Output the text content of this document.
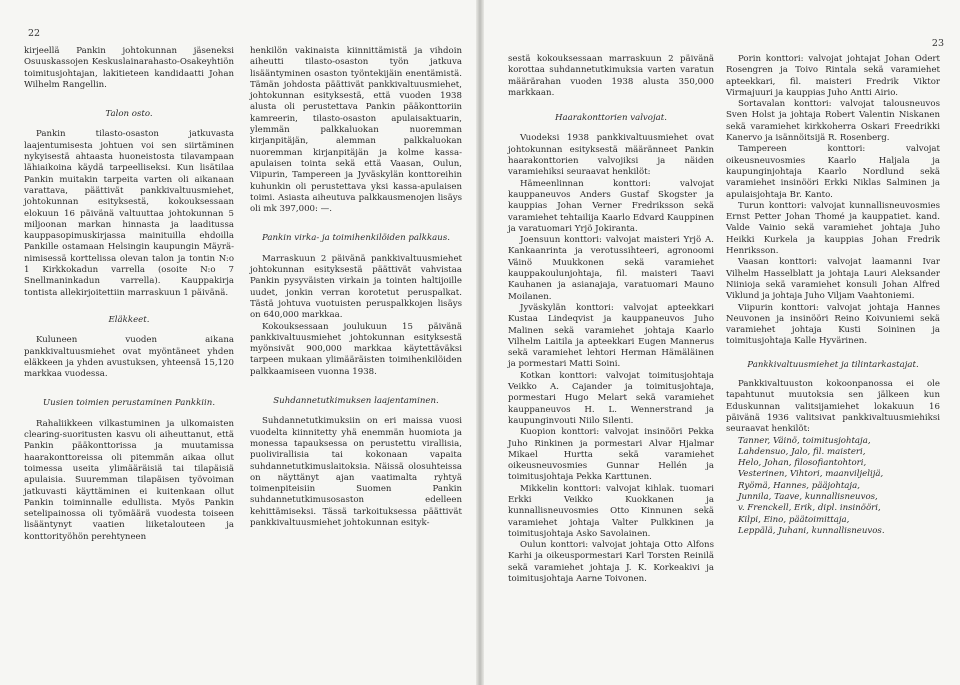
22

kirjeellä Pankin johtokunnan jäseneksi Osuuskassojen Keskuslainarahasto-Osakeyhtiön toimitusjohtajan, lakitieteen kandidaatti Johan Wilhelm Rangellin.

Talon osto.

Pankin tilasto-osaston jatkuvasta laajentumisesta johtuen voi sen siirtäminen nykyisestä ahtaasta huoneistosta tilavampaan lähiaikoina käydä tarpeelliseksi. Kun lisätilaa Pankin muitakin tarpeita varten oli aikanaan varattava, päättivät pankkivaltuusmiehet, johtokunnan esityksestä, kokouksessaan elokuun 16 päivänä valtuuttaa johtokunnan 5 miljoonan markan hinnasta ja laaditussa kauppasopimuskirjassa mainituilla ehdoilla Pankille ostamaan Helsingin kaupungin Mäyrä-nimisessä korttelissa olevan talon ja tontin N:o 1 Kirkkokadun varrella (osoite N:o 7 Snellmaninkadun varrella). Kauppakirja tontista allekirjoitettiin marraskuun 1 päivänä.

Eläkkeet.

Kuluneen vuoden aikana pankkivaltuusmiehet ovat myöntäneet yhden eläkkeen ja yhden avustuksen, yhteensä 15,120 markkaa vuodessa.

Uusien toimien perustaminen Pankkiin.

Rahaliikkeen vilkastuminen ja ulkomaisten clearing-suoritusten kasvu oli aiheuttanut, että Pankin pääkonttorissa ja muutamissa haarakonttoreissa oli pitemmän aikaa ollut toimessa useita ylimääräisiä tai tilapäisiä apulaisia. Suuremman tilapäisen työvoiman jatkuvasti käyttäminen ei kuitenkaan ollut Pankin toiminnalle edullista. Myös Pankin setelipainossa oli työmäärä vuodesta toiseen lisääntynyt vaatien liiketalouteen ja konttorityöhön perehtyneen

henkilön vakinaista kiinnittämistä ja vihdoin aiheutti tilasto-osaston työn jatkuva lisääntyminen osaston työntekijäin enentämistä. Tämän johdosta päättivät pankkivaltuusmiehet, johtokunnan esityksestä, että vuoden 1938 alusta oli perustettava Pankin pääkonttoriin kamreerin, tilasto-osaston apulaisaktuarin, ylemmän palkkaluokan nuoremman kirjanpitäjän, alemman palkkaluokan nuoremman kirjanpitäjän ja kolme kassa-apulaisen tointa sekä että Vaasan, Oulun, Viipurin, Tampereen ja Jyväskylän konttoreihin kuhunkin oli perustettava yksi kassa-apulaisen toimi. Asiasta aiheutuva palkkausmenojen lisäys oli mk 397,000: —.

Pankin virka- ja toimihenkilöiden palkkaus.

Marraskuun 2 päivänä pankkivaltuusmiehet johtokunnan esityksestä päättivät vahvistaa Pankin pysyväisten virkain ja tointen haltijoille uudet, jonkin verran korotetut peruspalkat. Tästä johtuva vuotuisten peruspalkkojen lisäys on 640,000 markkaa.

Kokouksessaan joulukuun 15 päivänä pankkivaltuusmiehet johtokunnan esityksestä myönsivät 900,000 markkaa käytettäväksi tarpeen mukaan ylimääräisten toimihenkilöiden palkkaamiseen vuonna 1938.

Suhdannetutkimuksen laajentaminen.

Suhdannetutkimuksiin on eri maissa vuosi vuodelta kiinnitetty yhä enemmän huomiota ja monessa tapauksessa on perustettu virallisia, puolivirallisia tai kokonaan vapaita suhdannetutkimuslaitoksia. Näissä olosuhteissa on näyttänyt ajan vaatimalta ryhtyä toimenpiteisiin Suomen Pankin suhdannetutkimusosaston edelleen kehittämiseksi. Tässä tarkoituksessa päättivät pankkivaltuusmiehet johtokunnan esityk-

23

sestä kokouksessaan marraskuun 2 päivänä korottaa suhdannetutkimuksia varten varatun määrärahan vuoden 1938 alusta 350,000 markkaan.

Haarakonttorien valvojat.

Vuodeksi 1938 pankkivaltuusmiehet ovat johtokunnan esityksestä määränneet Pankin haarakonttorien valvojiksi ja näiden varamiehiksi seuraavat henkilöt:

Hämeenlinnan konttori: valvojat kauppaneuvos Anders Gustaf Skogster ja kauppias Johan Verner Fredriksson sekä varamiehet tehtailija Kaarlo Edvard Kauppinen ja varatuomari Yrjö Jokiranta.

Joensuun konttori: valvojat maisteri Yrjö A. Kankaanrinta ja verotussihteeri, agronoomi Väinö Muukkonen sekä varamiehet kauppakoulunjohtaja, fil. maisteri Taavi Kauhanen ja asianajaja, varatuomari Mauno Moilanen.

Jyväskylän konttori: valvojat apteekkari Kustaa Lindeqvist ja kauppaneuvos Juho Malinen sekä varamiehet johtaja Kaarlo Vilhelm Laitila ja apteekkari Eugen Mannerus sekä varamiehet lehtori Herman Hämäläinen ja pormestari Matti Soini.

Kotkan konttori: valvojat toimitusjohtaja Veikko A. Cajander ja toimitusjohtaja, pormestari Hugo Melart sekä varamiehet kauppaneuvos H. L. Wennerstrand ja kaupunginvouti Niilo Silenti.

Kuopion konttori: valvojat insinööri Pekka Juho Rinkinen ja pormestari Alvar Hjalmar Mikael Hurtta sekä varamiehet oikeusneuvosmies Gunnar Hellén ja toimitusjohtaja Pekka Karttunen.

Mikkelin konttori: valvojat kihlak. tuomari Erkki Veikko Kuokkanen ja kunnallisneuvosmies Otto Kinnunen sekä varamiehet johtaja Valter Pulkkinen ja toimitusjohtaja Asko Savolainen.

Oulun konttori: valvojat johtaja Otto Alfons Karhi ja oikeuspormestari Karl Torsten Reinilä sekä varamiehet johtaja J. K. Korkeakivi ja toimitusjohtaja Aarne Toivonen.

Porin konttori: valvojat johtajat Johan Odert Rosengren ja Toivo Rintala sekä varamiehet apteekkari, fil. maisteri Fredrik Viktor Virmajuuri ja kauppias Juho Antti Airio.

Sortavalan konttori: valvojat talousneuvos Sven Holst ja johtaja Robert Valentin Niskanen sekä varamiehet kirkkoherra Oskari Freedrikki Kanervo ja isännöitsijä R. Rosenberg.

Tampereen konttori: valvojat oikeusneuvosmies Kaarlo Haljala ja kaupunginjohtaja Kaarlo Nordlund sekä varamiehet insinööri Erkki Niklas Salminen ja apulaisjohtaja Br. Kanto.

Turun konttori: valvojat kunnallisneuvosmies Ernst Petter Johan Thomé ja kauppatiet. kand. Valde Vainio sekä varamiehet johtaja Juho Heikki Kurkela ja kauppias Johan Fredrik Henriksson.

Vaasan konttori: valvojat laamanni Ivar Vilhelm Hasselblatt ja johtaja Lauri Aleksander Niinioja sekä varamiehet konsuli Johan Alfred Viklund ja johtaja Juho Viljam Vaahtoniemi.

Viipurin konttori: valvojat johtaja Hannes Neuvonen ja insinööri Reino Koivuniemi sekä varamiehet johtaja Kusti Soininen ja toimitusjohtaja Kalle Hyvärinen.

Pankkivaltuusmiehet ja tilintarkastajat.

Pankkivaltuuston kokoonpanossa ei ole tapahtunut muutoksia sen jälkeen kun Eduskunnan valitsijamiehet lokakuun 16 päivänä 1936 valitsivat pankkivaltuusmiehiksi seuraavat henkilöt:

Tanner, Väinö, toimitusjohtaja,

Lahdensuo, Jalo, fil. maisteri,

Helo, Johan, filosofiantohtori,

Vesterinen, Vihtori, maanviljelijä,

Ryömä, Hannes, pääjohtaja,

Junnila, Taave, kunnallisneuvos,

v. Frenckell, Erik, dipl. insinööri,

Kilpi, Eino, päätoimittaja,

Leppälä, Juhani, kunnallisneuvos.
